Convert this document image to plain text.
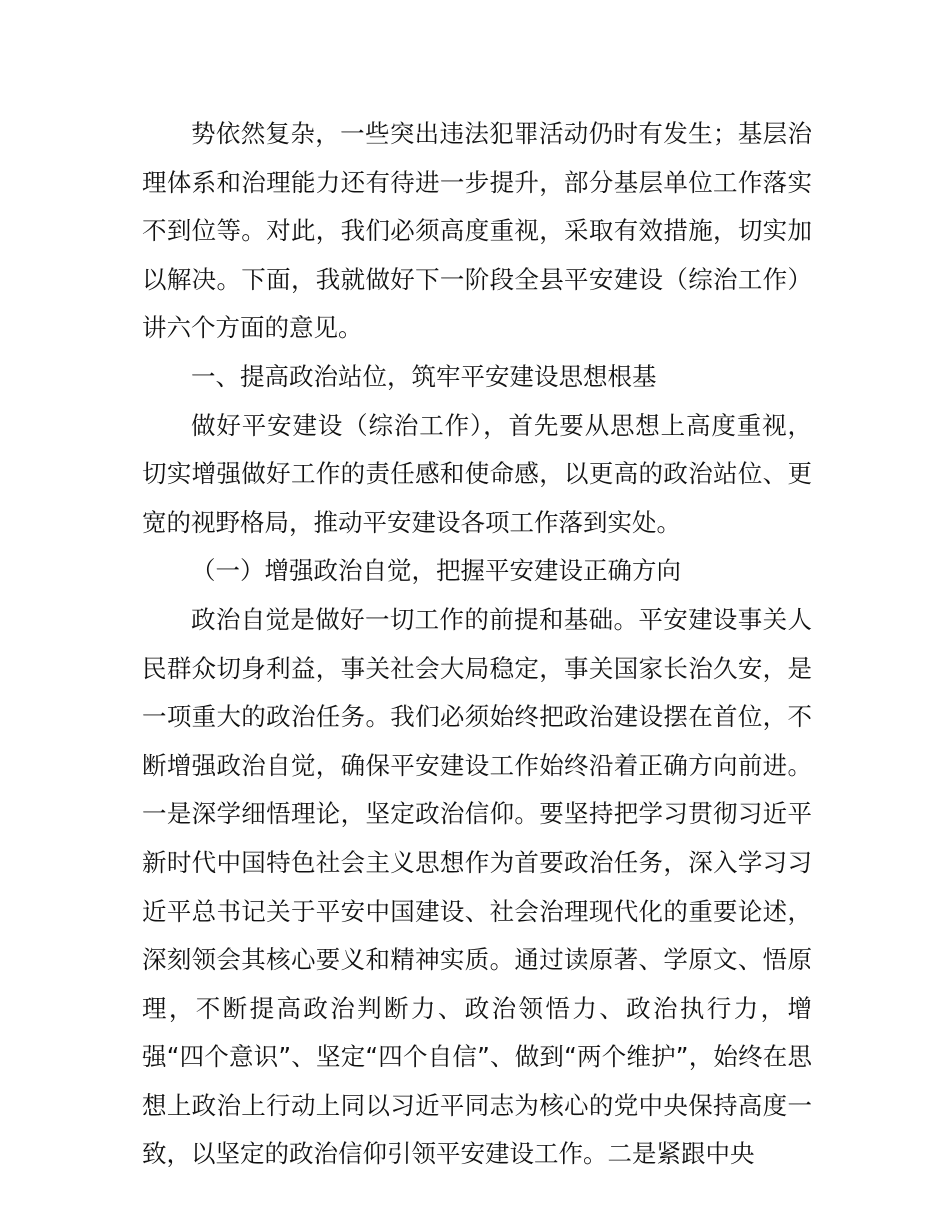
势依然复杂，一些突出违法犯罪活动仍时有发生；基层治理体系和治理能力还有待进一步提升，部分基层单位工作落实不到位等。对此，我们必须高度重视，采取有效措施，切实加以解决。下面，我就做好下一阶段全县平安建设（综治工作）讲六个方面的意见。

一、提高政治站位，筑牢平安建设思想根基

做好平安建设（综治工作），首先要从思想上高度重视，切实增强做好工作的责任感和使命感，以更高的政治站位、更宽的视野格局，推动平安建设各项工作落到实处。

（一）增强政治自觉，把握平安建设正确方向

政治自觉是做好一切工作的前提和基础。平安建设事关人民群众切身利益，事关社会大局稳定，事关国家长治久安，是一项重大的政治任务。我们必须始终把政治建设摆在首位，不断增强政治自觉，确保平安建设工作始终沿着正确方向前进。一是深学细悟理论，坚定政治信仰。要坚持把学习贯彻习近平新时代中国特色社会主义思想作为首要政治任务，深入学习习近平总书记关于平安中国建设、社会治理现代化的重要论述，深刻领会其核心要义和精神实质。通过读原著、学原文、悟原理，不断提高政治判断力、政治领悟力、政治执行力，增强“四个意识”、坚定“四个自信”、做到“两个维护”，始终在思想上政治上行动上同以习近平同志为核心的党中央保持高度一致，以坚定的政治信仰引领平安建设工作。二是紧跟中央
